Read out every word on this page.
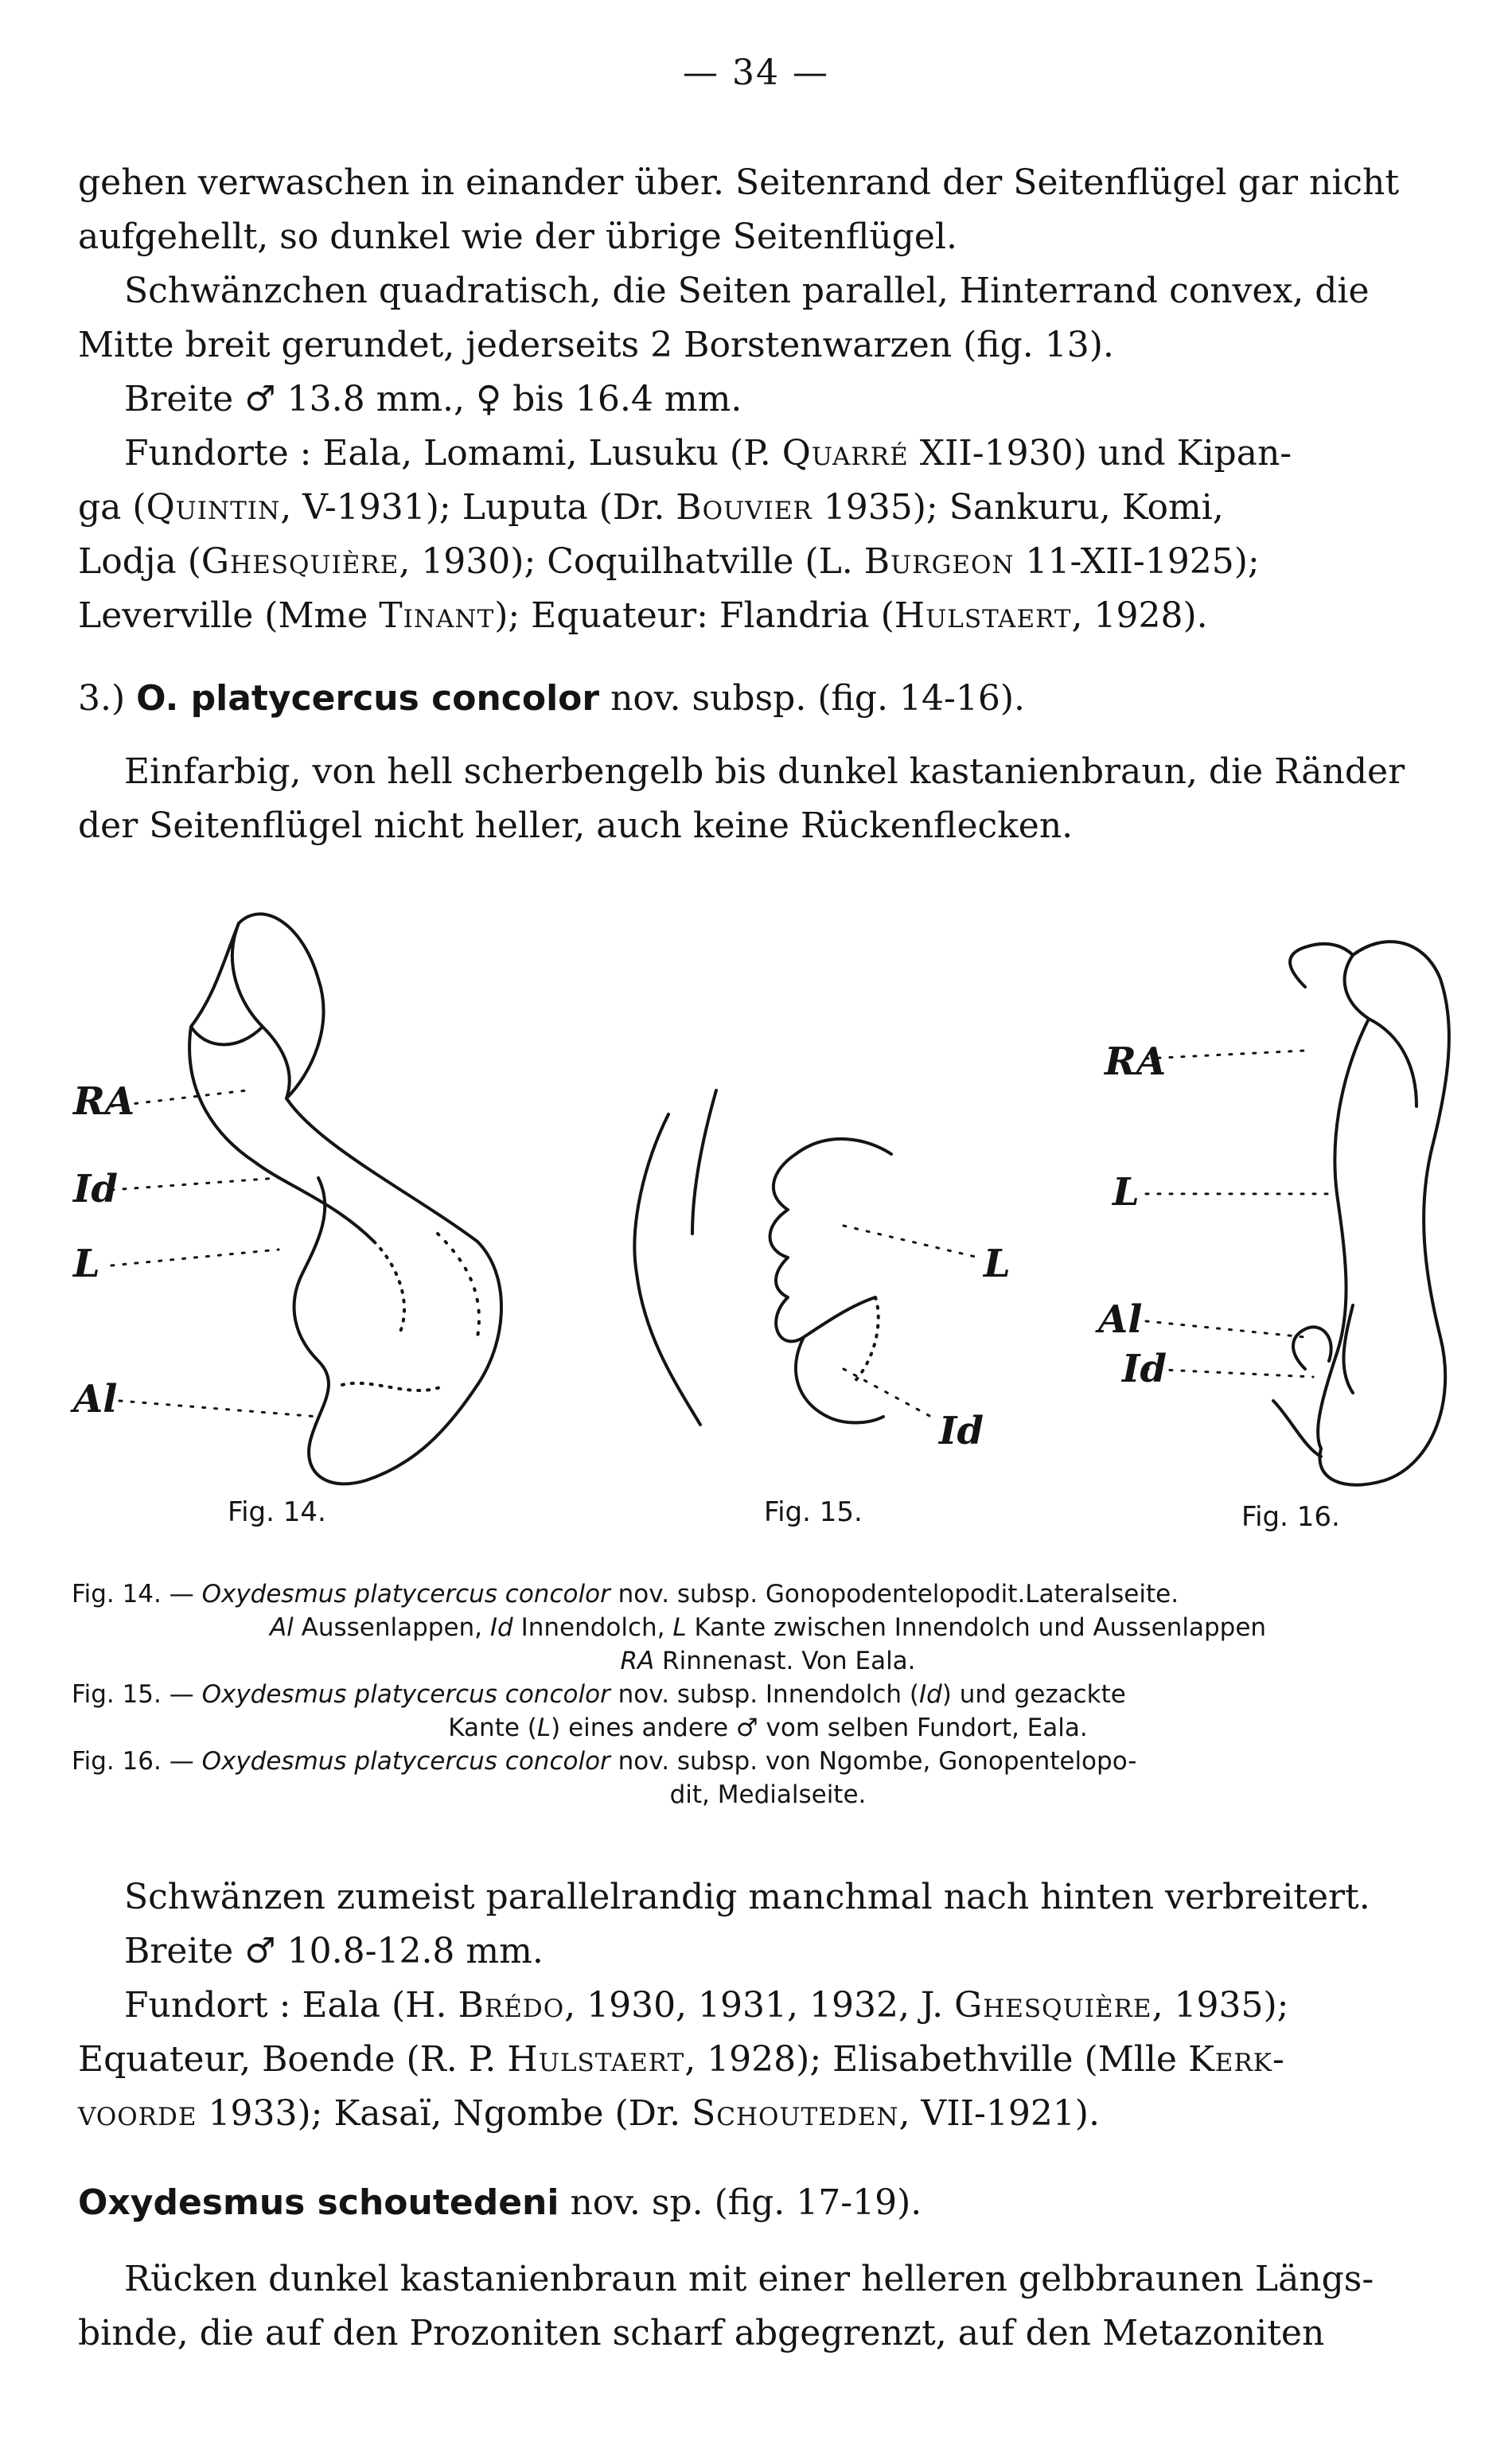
— 34 —
gehen verwaschen in einander über. Seitenrand der Seitenflügel gar nicht
aufgehellt, so dunkel wie der übrige Seitenflügel.
Schwänzchen quadratisch, die Seiten parallel, Hinterrand convex, die
Mitte breit gerundet, jederseits 2 Borstenwarzen (fig. 13).
Breite ♂ 13.8 mm., ♀ bis 16.4 mm.
Fundorte : Eala, Lomami, Lusuku (P. Quarré XII-1930) und Kipan-
ga (Quintin, V-1931); Luputa (Dr. Bouvier 1935); Sankuru, Komi,
Lodja (Ghesquière, 1930); Coquilhatville (L. Burgeon 11-XII-1925);
Leverville (Mme Tinant); Equateur: Flandria (Hulstaert, 1928).
3.) O. platycercus concolor nov. subsp. (fig. 14-16).
Einfarbig, von hell scherbengelb bis dunkel kastanienbraun, die Ränder
der Seitenflügel nicht heller, auch keine Rückenflecken.
RA
Id
L
Al
L
Id
RA
L
Al
Id
Fig. 14.	Fig. 15.	Fig. 16.
Fig. 14. — Oxydesmus platycercus concolor nov. subsp. Gonopodentelopodit.Lateralseite.
Al Aussenlappen, Id Innendolch, L Kante zwischen Innendolch und Aussenlappen
RA Rinnenast. Von Eala.
Fig. 15. — Oxydesmus platycercus concolor nov. subsp. Innendolch (Id) und gezackte
Kante (L) eines andere ♂ vom selben Fundort, Eala.
Fig. 16. — Oxydesmus platycercus concolor nov. subsp. von Ngombe, Gonopentelopo-
dit, Medialseite.
Schwänzen zumeist parallelrandig manchmal nach hinten verbreitert.
Breite ♂ 10.8-12.8 mm.
Fundort : Eala (H. Brédo, 1930, 1931, 1932, J. Ghesquière, 1935);
Equateur, Boende (R. P. Hulstaert, 1928); Elisabethville (Mlle Kerk-
voorde 1933); Kasaï, Ngombe (Dr. Schouteden, VII-1921).
Oxydesmus schoutedeni nov. sp. (fig. 17-19).
Rücken dunkel kastanienbraun mit einer helleren gelbbraunen Längs-
binde, die auf den Prozoniten scharf abgegrenzt, auf den Metazoniten
